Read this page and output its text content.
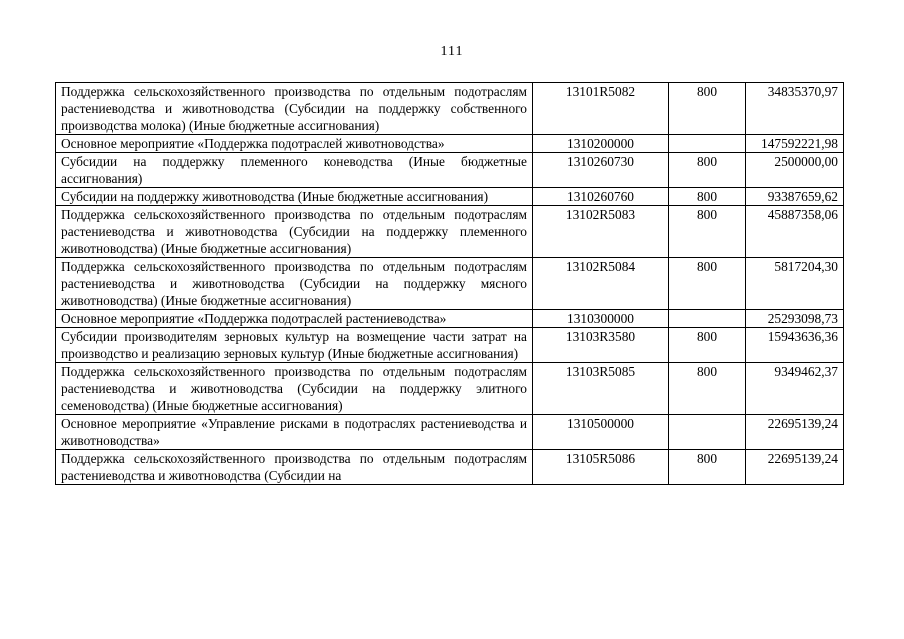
111
Поддержка сельскохозяйственного производства по отдельным подотраслям растениеводства и животноводства (Субсидии на поддержку собственного производства молока) (Иные бюджетные ассигнования)	13101R5082	800	34835370,97
Основное мероприятие «Поддержка подотраслей животноводства»	1310200000		147592221,98
Субсидии на поддержку племенного коневодства (Иные бюджетные ассигнования)	1310260730	800	2500000,00
Субсидии на поддержку животноводства (Иные бюджетные ассигнования)	1310260760	800	93387659,62
Поддержка сельскохозяйственного производства по отдельным подотраслям растениеводства и животноводства (Субсидии на поддержку племенного животноводства) (Иные бюджетные ассигнования)	13102R5083	800	45887358,06
Поддержка сельскохозяйственного производства по отдельным подотраслям растениеводства и животноводства (Субсидии на поддержку мясного животноводства) (Иные бюджетные ассигнования)	13102R5084	800	5817204,30
Основное мероприятие «Поддержка подотраслей растениеводства»	1310300000		25293098,73
Субсидии производителям зерновых культур на возмещение части затрат на производство и реализацию зерновых культур (Иные бюджетные ассигнования)	13103R3580	800	15943636,36
Поддержка сельскохозяйственного производства по отдельным подотраслям растениеводства и животноводства (Субсидии на поддержку элитного семеноводства) (Иные бюджетные ассигнования)	13103R5085	800	9349462,37
Основное мероприятие «Управление рисками в подотраслях растениеводства и животноводства»	1310500000		22695139,24
Поддержка сельскохозяйственного производства по отдельным подотраслям растениеводства и животноводства (Субсидии на	13105R5086	800	22695139,24
